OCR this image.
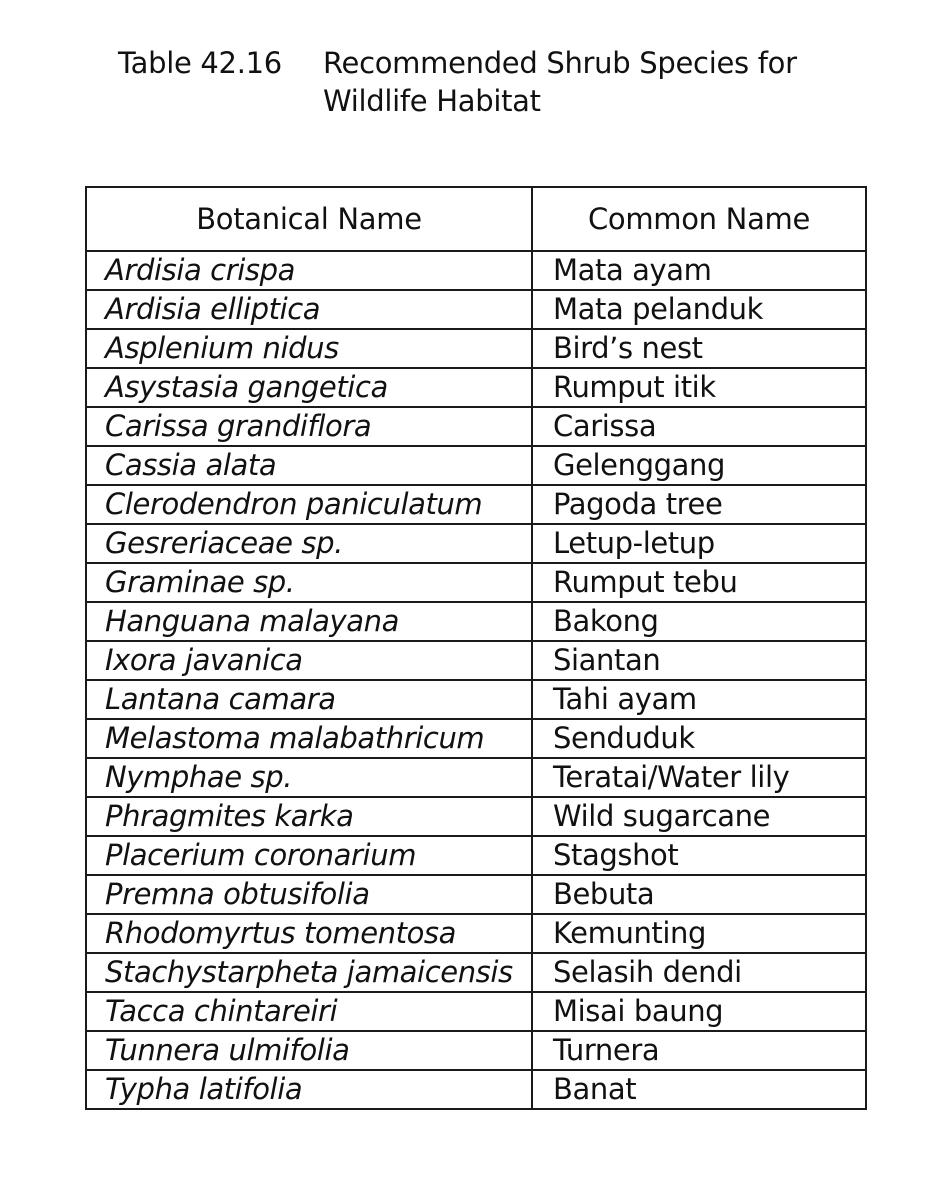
Table 42.16 Recommended Shrub Species for
Wildlife Habitat
Botanical Name	Common Name
Ardisia crispa	Mata ayam
Ardisia elliptica	Mata pelanduk
Asplenium nidus	Bird’s nest
Asystasia gangetica	Rumput itik
Carissa grandiflora	Carissa
Cassia alata	Gelenggang
Clerodendron paniculatum	Pagoda tree
Gesreriaceae sp.	Letup-letup
Graminae sp.	Rumput tebu
Hanguana malayana	Bakong
Ixora javanica	Siantan
Lantana camara	Tahi ayam
Melastoma malabathricum	Senduduk
Nymphae sp.	Teratai/Water lily
Phragmites karka	Wild sugarcane
Placerium coronarium	Stagshot
Premna obtusifolia	Bebuta
Rhodomyrtus tomentosa	Kemunting
Stachystarpheta jamaicensis	Selasih dendi
Tacca chintareiri	Misai baung
Tunnera ulmifolia	Turnera
Typha latifolia	Banat
